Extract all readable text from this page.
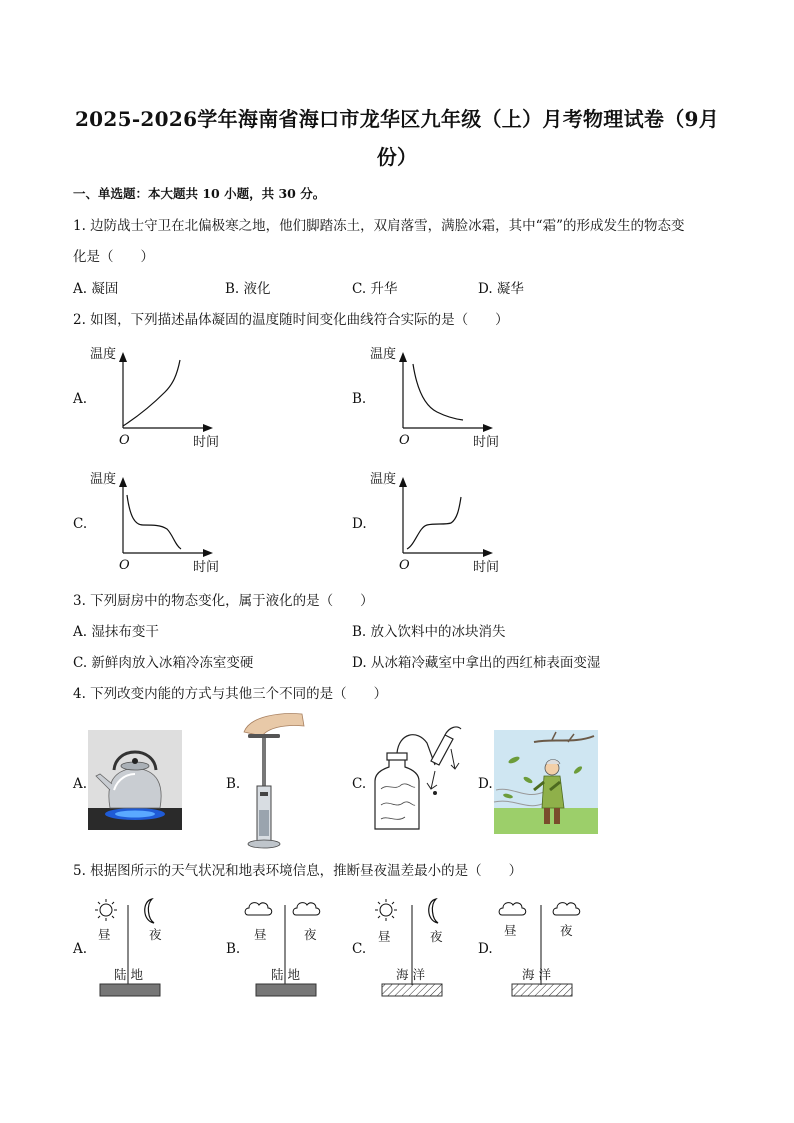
2025-2026学年海南省海口市龙华区九年级（上）月考物理试卷（9月
份）
一、单选题：本大题共 10 小题，共 30 分。
1. 边防战士守卫在北偏极寒之地，他们脚踏冻土，双肩落雪，满脸冰霜，其中“霜”的形成发生的物态变
化是（　　）
A. 凝固	B. 液化	C. 升华	D. 凝华
2. 如图，下列描述晶体凝固的温度随时间变化曲线符合实际的是（　　）
A.
温度
O	时间
B.
温度
O	时间
C.
温度
O	时间
D.
温度
O	时间
3. 下列厨房中的物态变化，属于液化的是（　　）
A. 湿抹布变干	B. 放入饮料中的冰块消失
C. 新鲜肉放入冰箱冷冻室变硬	D. 从冰箱冷藏室中拿出的西红柿表面变湿
4. 下列改变内能的方式与其他三个不同的是（　　）
A.	B.	C.	D.
5. 根据图所示的天气状况和地表环境信息，推断昼夜温差最小的是（　　）
A.
昼	夜
陆 地
B.
昼	夜
陆 地
C.
昼	夜
海 洋
D.
昼	夜
海 洋
